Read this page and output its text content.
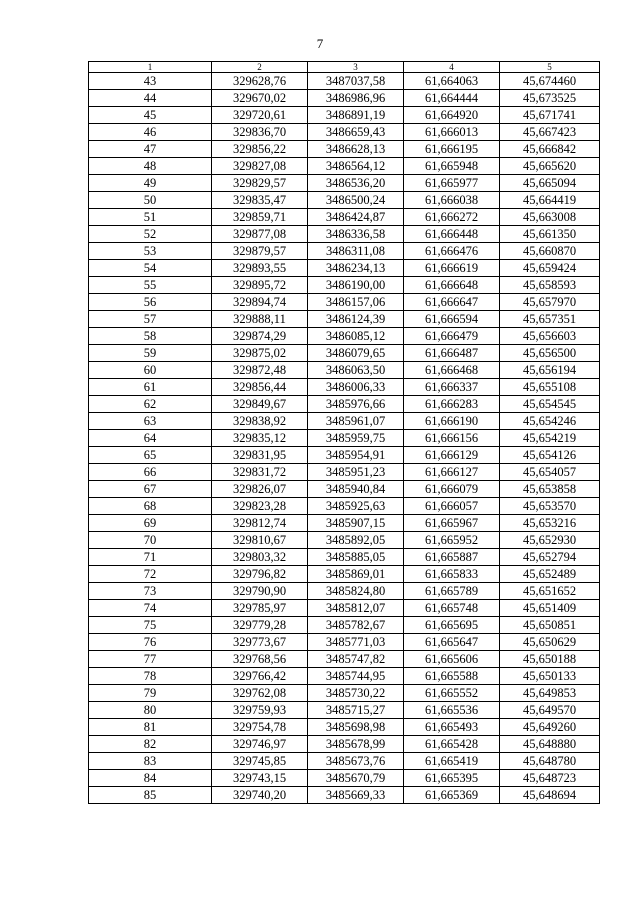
7
1	2	3	4	5
43	329628,76	3487037,58	61,664063	45,674460
44	329670,02	3486986,96	61,664444	45,673525
45	329720,61	3486891,19	61,664920	45,671741
46	329836,70	3486659,43	61,666013	45,667423
47	329856,22	3486628,13	61,666195	45,666842
48	329827,08	3486564,12	61,665948	45,665620
49	329829,57	3486536,20	61,665977	45,665094
50	329835,47	3486500,24	61,666038	45,664419
51	329859,71	3486424,87	61,666272	45,663008
52	329877,08	3486336,58	61,666448	45,661350
53	329879,57	3486311,08	61,666476	45,660870
54	329893,55	3486234,13	61,666619	45,659424
55	329895,72	3486190,00	61,666648	45,658593
56	329894,74	3486157,06	61,666647	45,657970
57	329888,11	3486124,39	61,666594	45,657351
58	329874,29	3486085,12	61,666479	45,656603
59	329875,02	3486079,65	61,666487	45,656500
60	329872,48	3486063,50	61,666468	45,656194
61	329856,44	3486006,33	61,666337	45,655108
62	329849,67	3485976,66	61,666283	45,654545
63	329838,92	3485961,07	61,666190	45,654246
64	329835,12	3485959,75	61,666156	45,654219
65	329831,95	3485954,91	61,666129	45,654126
66	329831,72	3485951,23	61,666127	45,654057
67	329826,07	3485940,84	61,666079	45,653858
68	329823,28	3485925,63	61,666057	45,653570
69	329812,74	3485907,15	61,665967	45,653216
70	329810,67	3485892,05	61,665952	45,652930
71	329803,32	3485885,05	61,665887	45,652794
72	329796,82	3485869,01	61,665833	45,652489
73	329790,90	3485824,80	61,665789	45,651652
74	329785,97	3485812,07	61,665748	45,651409
75	329779,28	3485782,67	61,665695	45,650851
76	329773,67	3485771,03	61,665647	45,650629
77	329768,56	3485747,82	61,665606	45,650188
78	329766,42	3485744,95	61,665588	45,650133
79	329762,08	3485730,22	61,665552	45,649853
80	329759,93	3485715,27	61,665536	45,649570
81	329754,78	3485698,98	61,665493	45,649260
82	329746,97	3485678,99	61,665428	45,648880
83	329745,85	3485673,76	61,665419	45,648780
84	329743,15	3485670,79	61,665395	45,648723
85	329740,20	3485669,33	61,665369	45,648694
